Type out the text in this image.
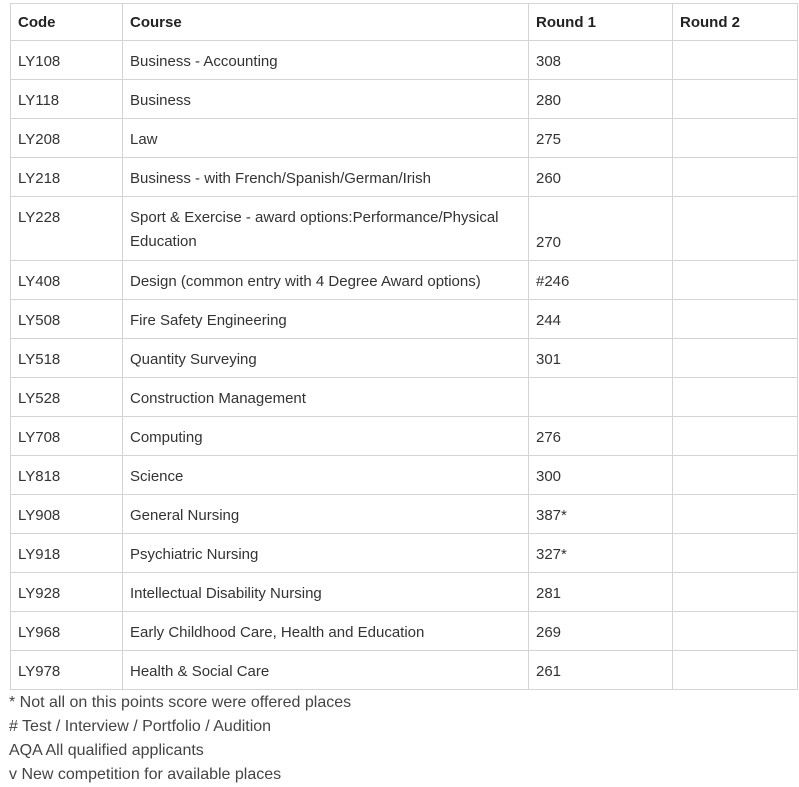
Code	Course	Round 1	Round 2
LY108	Business - Accounting	308	
LY118	Business	280	
LY208	Law	275	
LY218	Business - with French/Spanish/German/Irish	260	
LY228	Sport & Exercise - award options:Performance/Physical Education	270	
LY408	Design (common entry with 4 Degree Award options)	#246	
LY508	Fire Safety Engineering	244	
LY518	Quantity Surveying	301	
LY528	Construction Management		
LY708	Computing	276	
LY818	Science	300	
LY908	General Nursing	387*	
LY918	Psychiatric Nursing	327*	
LY928	Intellectual Disability Nursing	281	
LY968	Early Childhood Care, Health and Education	269	
LY978	Health & Social Care	261	
* Not all on this points score were offered places
# Test / Interview / Portfolio / Audition
AQA All qualified applicants
v New competition for available places
